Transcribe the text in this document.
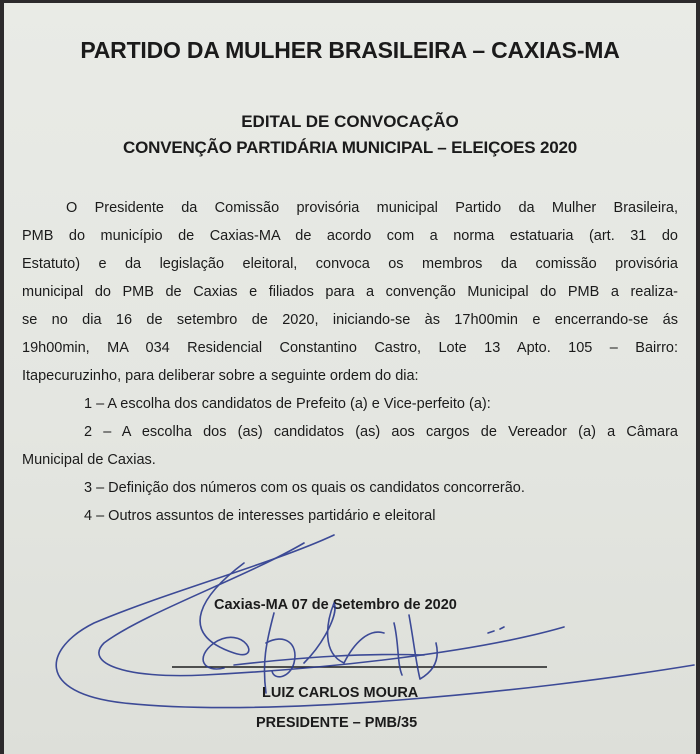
PARTIDO DA MULHER BRASILEIRA – CAXIAS-MA
EDITAL DE CONVOCAÇÃO
CONVENÇÃO PARTIDÁRIA MUNICIPAL – ELEIÇOES 2020
O Presidente da Comissão provisória municipal Partido da Mulher Brasileira,
PMB do município de Caxias-MA de acordo com a norma estatuaria (art. 31 do
Estatuto) e da legislação eleitoral, convoca os membros da comissão provisória
municipal do PMB de Caxias e filiados para a convenção Municipal do PMB a realiza-
se no dia 16 de setembro de 2020, iniciando-se às 17h00min e encerrando-se ás
19h00min, MA 034 Residencial Constantino Castro, Lote 13 Apto. 105 – Bairro:
Itapecuruzinho, para deliberar sobre a seguinte ordem do dia:
1 – A escolha dos candidatos de Prefeito (a) e Vice-perfeito (a):
2 – A escolha dos (as) candidatos (as) aos cargos de Vereador (a) a Câmara
Municipal de Caxias.
3 – Definição dos números com os quais os candidatos concorrerão.
4 – Outros assuntos de interesses partidário e eleitoral
Caxias-MA 07 de Setembro de 2020
LUIZ CARLOS MOURA
PRESIDENTE – PMB/35
